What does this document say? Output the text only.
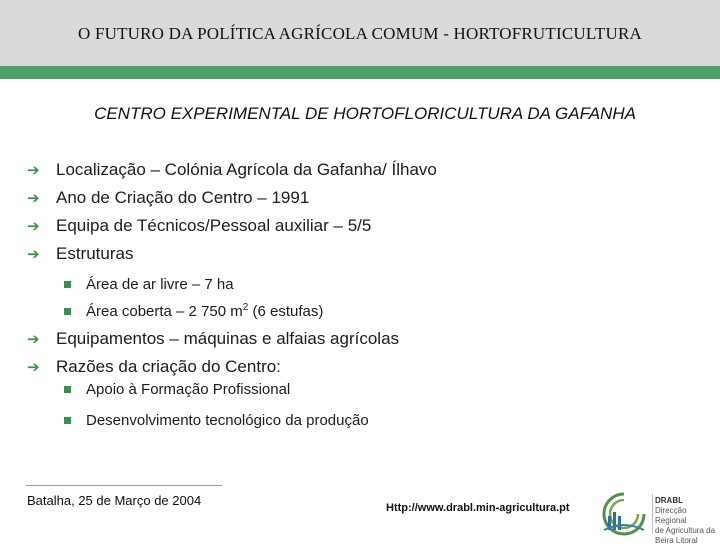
O FUTURO DA POLÍTICA AGRÍCOLA COMUM - HORTOFRUTICULTURA
CENTRO EXPERIMENTAL DE HORTOFLORICULTURA DA GAFANHA
➔ Localização – Colónia Agrícola da Gafanha/ Ílhavo
➔ Ano de Criação do Centro – 1991
➔ Equipa de Técnicos/Pessoal auxiliar – 5/5
➔ Estruturas
Área de ar livre – 7 ha
Área coberta – 2 750 $m^2$ (6 estufas)
➔ Equipamentos – máquinas e alfaias agrícolas
➔ Razões da criação do Centro:
Apoio à Formação Profissional
Desenvolvimento tecnológico da produção
Batalha, 25 de Março de 2004	Http://www.drabl.min-agricultura.pt
DRABL
Direcção Regional
de Agricultura da
Beira Litoral
